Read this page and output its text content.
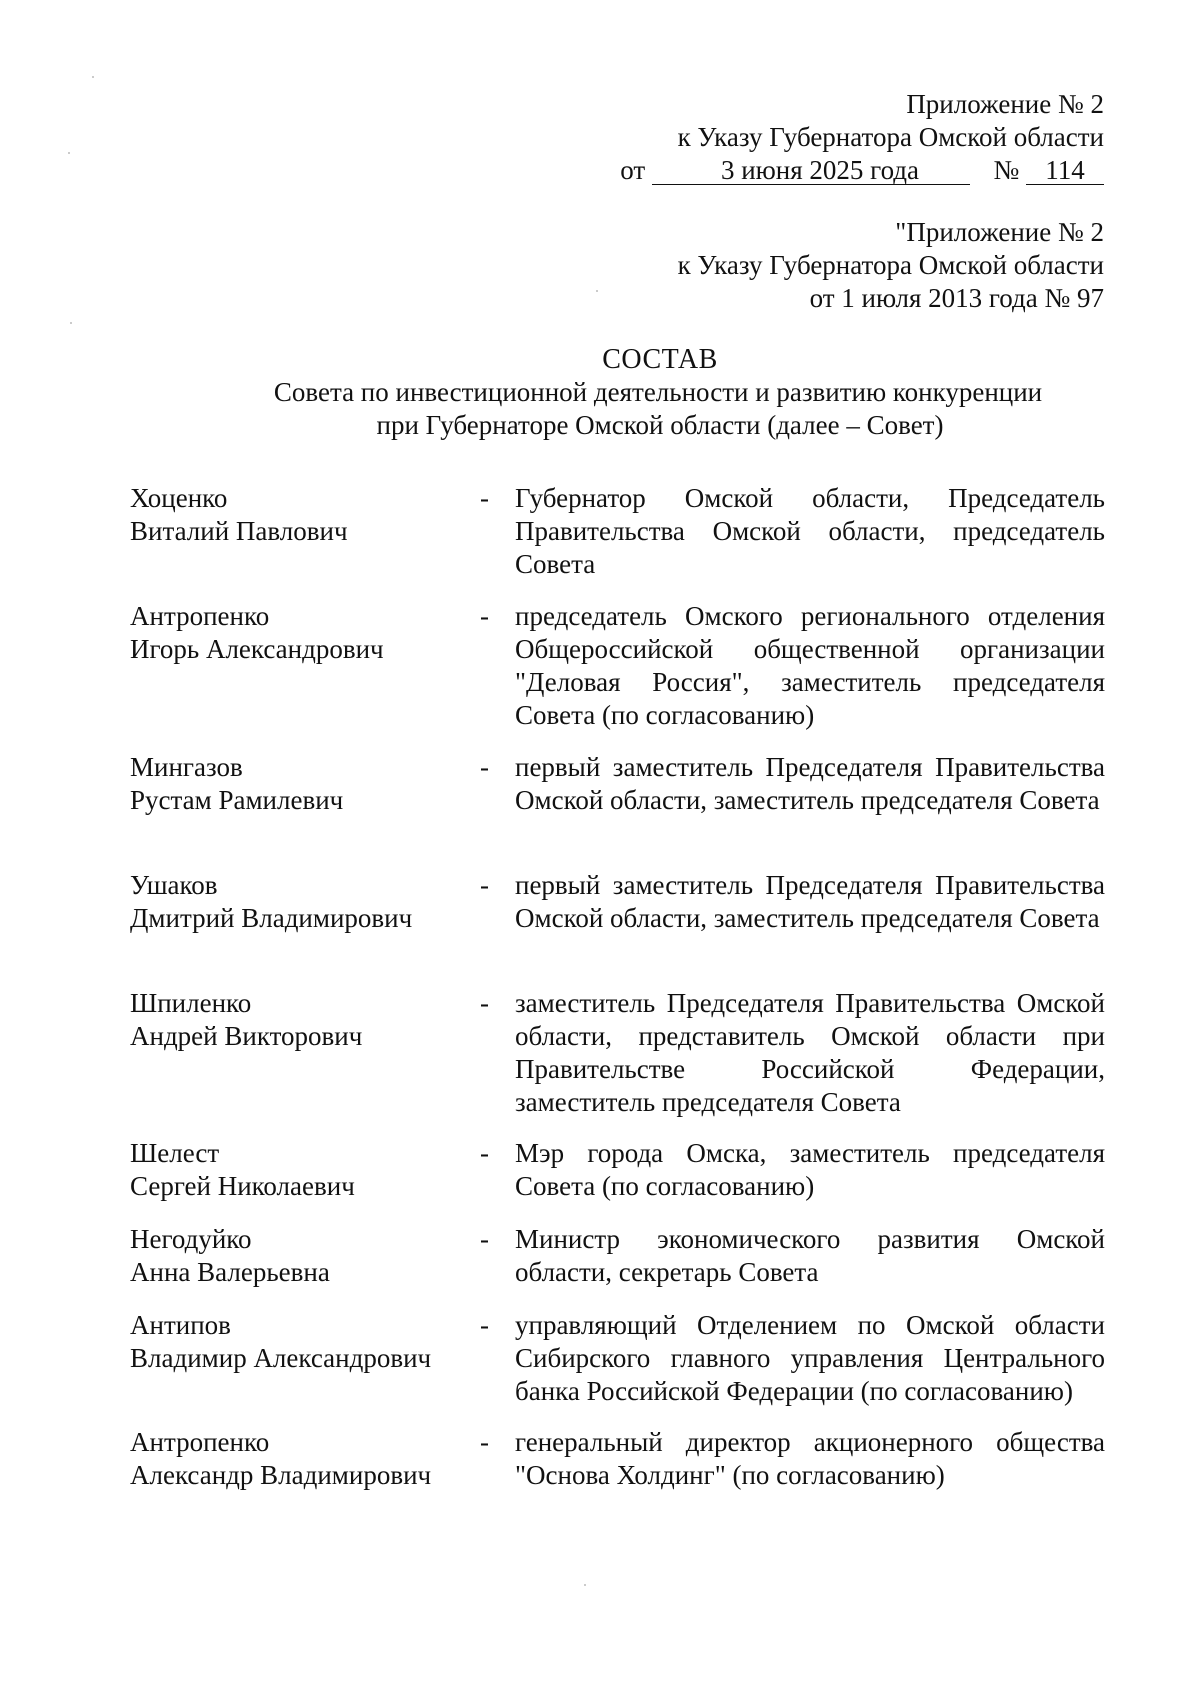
Приложение № 2
к Указу Губернатора Омской области
от	3 июня 2025 года	№ 114
"Приложение № 2
к Указу Губернатора Омской области
от 1 июля 2013 года № 97
СОСТАВ
Совета по инвестиционной деятельности и развитию конкуренции
при Губернаторе Омской области (далее – Совет)
Хоценко
Виталий Павлович
- Губернатор Омской области, Председатель Правительства Омской области, председатель Совета
Антропенко
Игорь Александрович
- председатель Омского регионального отделения Общероссийской общественной организации "Деловая Россия", заместитель председателя Совета (по согласованию)
Мингазов
Рустам Рамилевич
- первый заместитель Председателя Правительства Омской области, заместитель председателя Совета
Ушаков
Дмитрий Владимирович
- первый заместитель Председателя Правительства Омской области, заместитель председателя Совета
Шпиленко
Андрей Викторович
- заместитель Председателя Правительства Омской области, представитель Омской области при Правительстве Российской Федерации, заместитель председателя Совета
Шелест
Сергей Николаевич
- Мэр города Омска, заместитель председателя Совета (по согласованию)
Негодуйко
Анна Валерьевна
- Министр экономического развития Омской области, секретарь Совета
Антипов
Владимир Александрович
- управляющий Отделением по Омской области Сибирского главного управления Центрального банка Российской Федерации (по согласованию)
Антропенко
Александр Владимирович
- генеральный директор акционерного общества "Основа Холдинг" (по согласованию)
